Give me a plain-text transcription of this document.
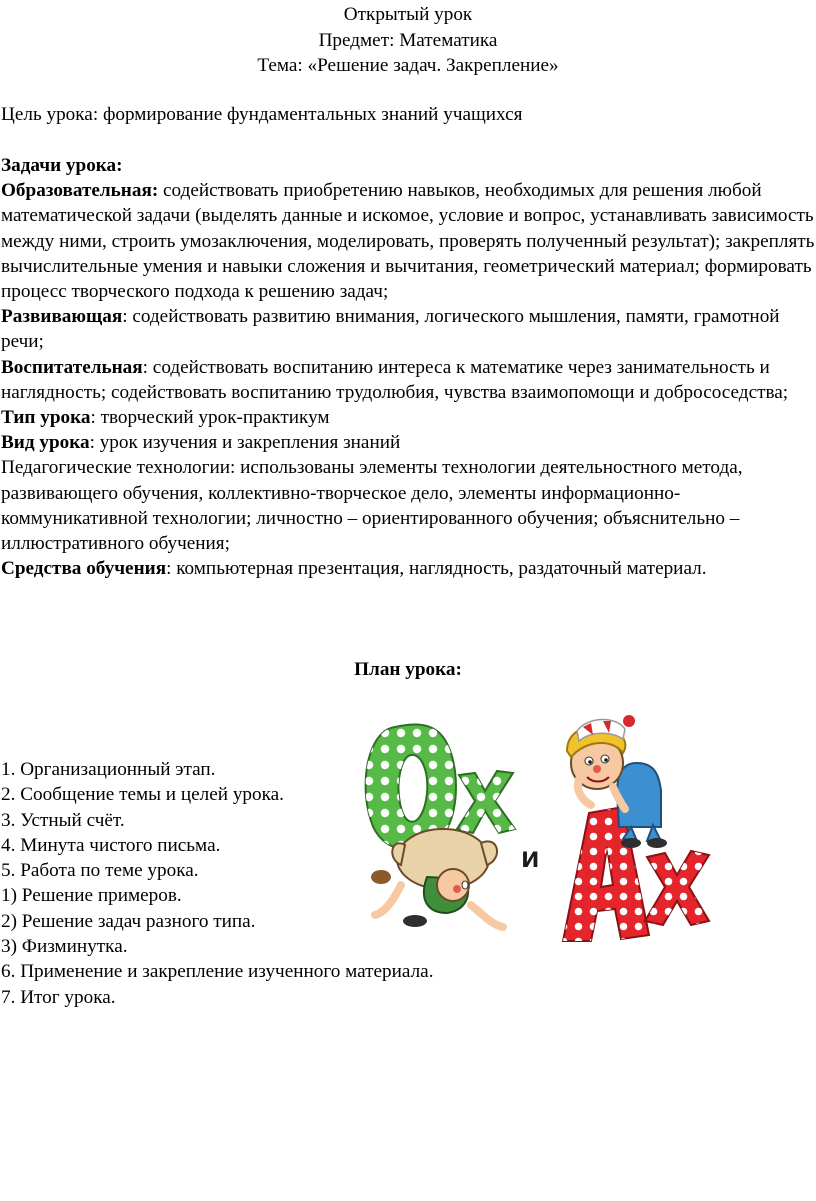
Открытый урок
Предмет: Математика
Тема: «Решение задач. Закрепление»
Цель урока: формирование фундаментальных знаний учащихся

Задачи урока:

Образовательная: содействовать приобретению навыков, необходимых для решения любой математической задачи (выделять данные и искомое, условие и вопрос, устанавливать зависимость между ними, строить умозаключения, моделировать, проверять полученный результат); закреплять вычислительные умения и навыки сложения и вычитания, геометрический материал; формировать процесс творческого подхода к решению задач;

Развивающая: содействовать развитию внимания, логического мышления, памяти, грамотной речи;

Воспитательная: содействовать воспитанию интереса к математике через занимательность и наглядность; содействовать воспитанию трудолюбия, чувства взаимопомощи и добрососедства;

Тип урока: творческий урок-практикум

Вид урока: урок изучения и закрепления знаний

Педагогические технологии: использованы элементы технологии деятельностного метода, развивающего обучения, коллективно-творческое дело, элементы информационно-коммуникативной технологии; личностно – ориентированного обучения; объяснительно – иллюстративного обучения;

Средства обучения: компьютерная презентация, наглядность, раздаточный материал.

План урока:
1. Организационный этап.
2. Сообщение темы и целей урока.
3. Устный счёт.
4. Минута чистого письма.
5. Работа по теме урока.
1) Решение примеров.
2) Решение задач разного типа.
3) Физминутка.
6. Применение и закрепление изученного материала.
7. Итог урока.
и
